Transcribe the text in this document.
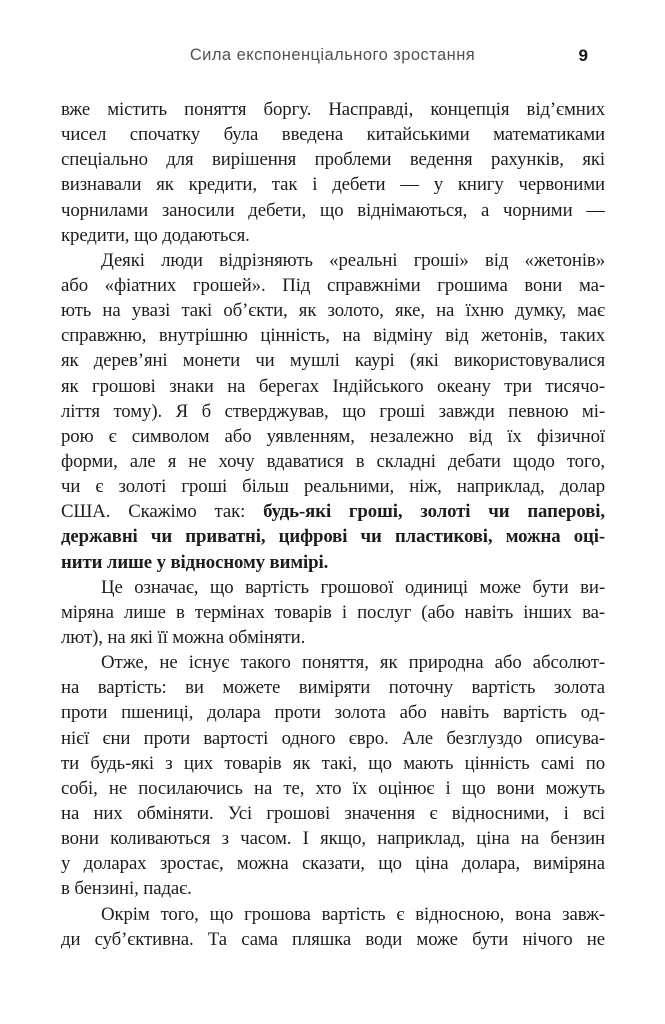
Сила експоненціального зростання	9
вже містить поняття боргу. Насправді, концепція від’ємних
чисел спочатку була введена китайськими математиками
спеціально для вирішення проблеми ведення рахунків, які
визнавали як кредити, так і дебети — у книгу червоними
чорнилами заносили дебети, що віднімаються, а чорними —
кредити, що додаються.
Деякі люди відрізняють «реальні гроші» від «жетонів»
або «фіатних грошей». Під справжніми грошима вони ма-
ють на увазі такі об’єкти, як золото, яке, на їхню думку, має
справжню, внутрішню цінність, на відміну від жетонів, таких
як дерев’яні монети чи мушлі каурі (які використовувалися
як грошові знаки на берегах Індійського океану три тисячо-
ліття тому). Я б стверджував, що гроші завжди певною мі-
рою є символом або уявленням, незалежно від їх фізичної
форми, але я не хочу вдаватися в складні дебати щодо того,
чи є золоті гроші більш реальними, ніж, наприклад, долар
США. Скажімо так: будь-які гроші, золоті чи паперові,
державні чи приватні, цифрові чи пластикові, можна оці-
нити лише у відносному вимірі.
Це означає, що вартість грошової одиниці може бути ви-
міряна лише в термінах товарів і послуг (або навіть інших ва-
лют), на які її можна обміняти.
Отже, не існує такого поняття, як природна або абсолют-
на вартість: ви можете виміряти поточну вартість золота
проти пшениці, долара проти золота або навіть вартість од-
нієї єни проти вартості одного євро. Але безглуздо описува-
ти будь-які з цих товарів як такі, що мають цінність самі по
собі, не посилаючись на те, хто їх оцінює і що вони можуть
на них обміняти. Усі грошові значення є відносними, і всі
вони коливаються з часом. І якщо, наприклад, ціна на бензин
у доларах зростає, можна сказати, що ціна долара, виміряна
в бензині, падає.
Окрім того, що грошова вартість є відносною, вона завж-
ди суб’єктивна. Та сама пляшка води може бути нічого не
